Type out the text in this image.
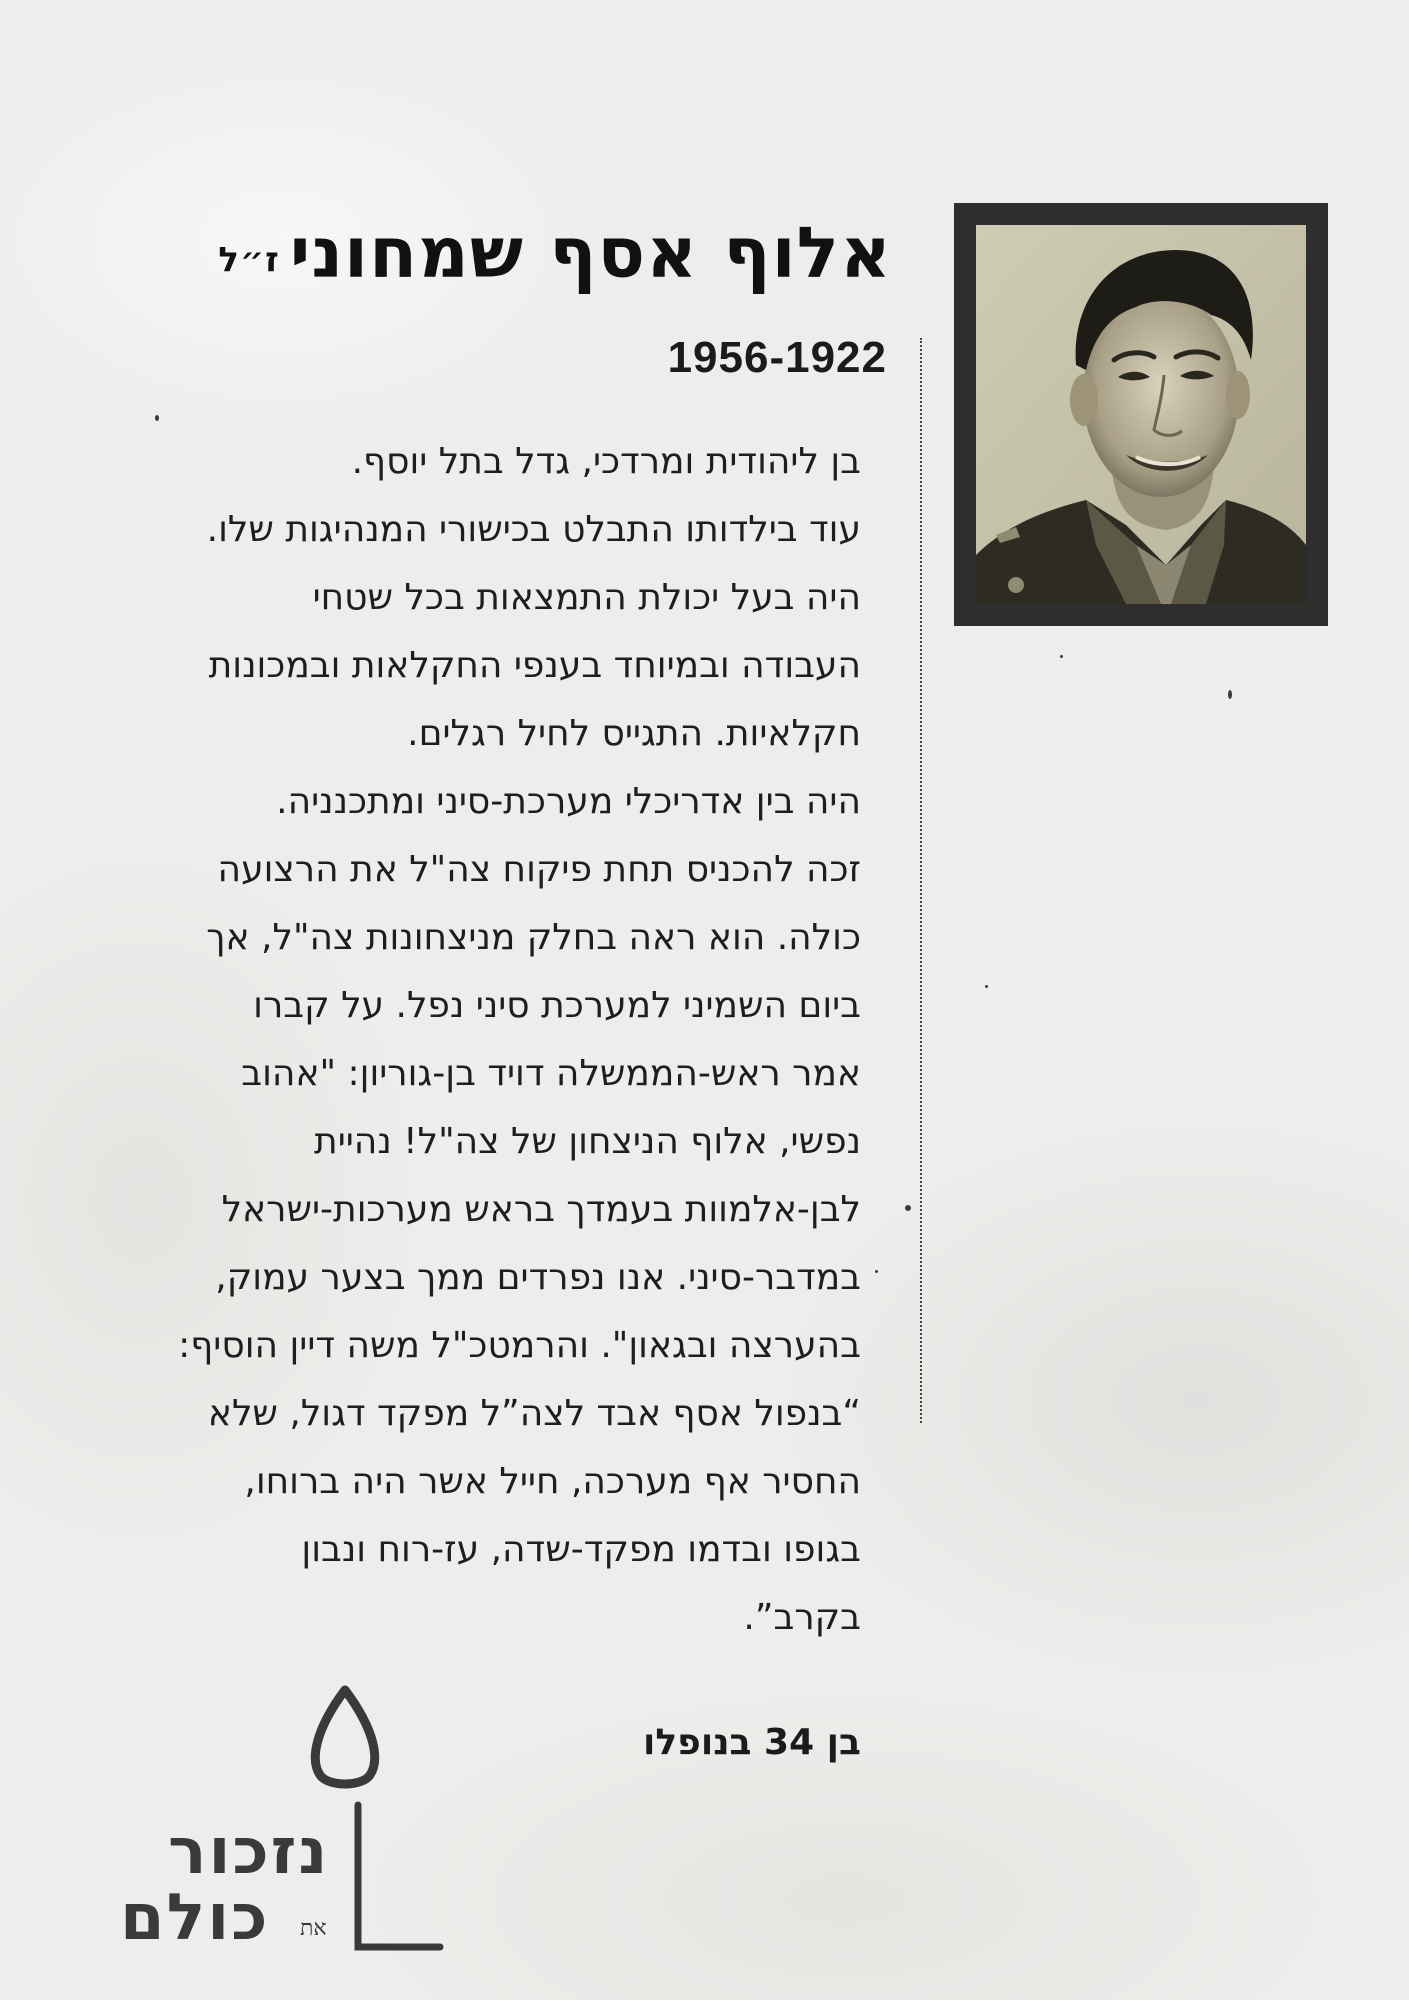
אלוף אסף שמחוניז״ל
1956-1922
בן ליהודית ומרדכי, גדל בתל יוסף.
עוד בילדותו התבלט בכישורי המנהיגות שלו.
היה בעל יכולת התמצאות בכל שטחי
העבודה ובמיוחד בענפי החקלאות ובמכונות
חקלאיות. התגייס לחיל רגלים.
היה בין אדריכלי מערכת-סיני ומתכנניה.
זכה להכניס תחת פיקוח צה"ל את הרצועה
כולה. הוא ראה בחלק מניצחונות צה"ל, אך
ביום השמיני למערכת סיני נפל. על קברו
אמר ראש-הממשלה דויד בן-גוריון: "אהוב
נפשי, אלוף הניצחון של צה"ל! נהיית
לבן-אלמוות בעמדך בראש מערכות-ישראל
במדבר-סיני. אנו נפרדים ממך בצער עמוק,
בהערצה ובגאון". והרמטכ"ל משה דיין הוסיף:
“בנפול אסף אבד לצה”ל מפקד דגול, שלא
החסיר אף מערכה, חייל אשר היה ברוחו,
בגופו ובדמו מפקד-שדה, עז-רוח ונבון
בקרב”.
בן 34 בנופלו
נזכור
את
כולם
